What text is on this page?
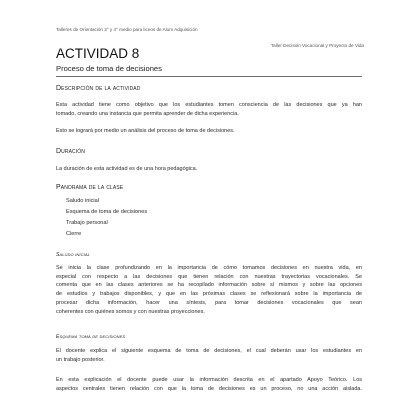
Talleres de Orientación 3° y 4° medio para liceos de Alum Adquisición
Taller Decisión Vocacional y Proyecto de Vida
ACTIVIDAD 8
Proceso de toma de decisiones
Descripción de la actividad
Esta actividad tiene como objetivo que los estudiantes tomen consciencia de las decisiones que ya han
tomado, creando una instancia que permita aprender de dicha experiencia.
Esto se logrará por medio un análisis del proceso de toma de decisiones.
Duración
La duración de esta actividad es de una hora pedagógica.
Panorama de la clase
Saludo inicial
Esquema de toma de decisiones
Trabajo personal
Cierre
Saludo inicial
Se inicia la clase profundizando en la importancia de cómo tomamos decisiones en nuestra vida, en
especial con respecto a las decisiones que tienen relación con nuestras trayectorias vocacionales. Se
comenta que en las clases anteriores se ha recopilado información sobre sí mismos y sobre las opciones
de estudios y trabajos disponibles, y que en las próximas clases se reflexionará sobre la importancia de
procesar dicha información, hacer una síntesis, para tomar decisiones vocacionales que sean
coherentes con quiénes somos y con nuestras proyecciones.
Esquema toma de decisiones
El docente explica el siguiente esquema de toma de decisiones, el cual deberán usar los estudiantes en
un trabajo posterior.
En esta explicación el docente puede usar la información descrita en el apartado Apoyo Teórico. Los
aspectos centrales tienen relación con que la toma de decisiones es un proceso, no una acción aislada.
